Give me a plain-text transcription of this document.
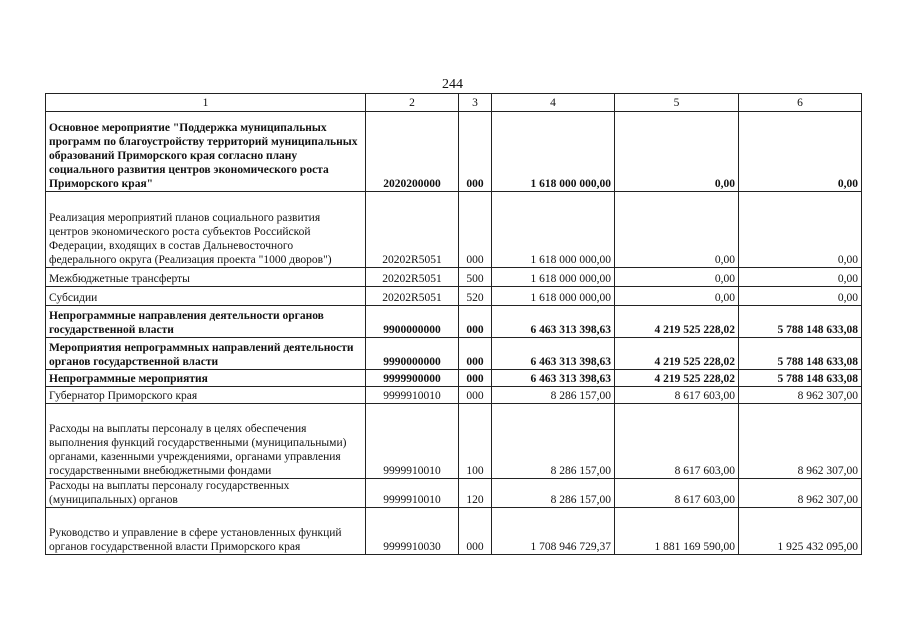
244
1	2	3	4	5	6
Основное мероприятие "Поддержка муниципальных программ по благоустройству территорий муниципальных образований Приморского края согласно плану социального развития центров экономического роста Приморского края"	2020200000	000	1 618 000 000,00	0,00	0,00
Реализация мероприятий планов социального развития центров экономического роста субъектов Российской Федерации, входящих в состав Дальневосточного федерального округа (Реализация проекта "1000 дворов")	20202R5051	000	1 618 000 000,00	0,00	0,00
Межбюджетные трансферты	20202R5051	500	1 618 000 000,00	0,00	0,00
Субсидии	20202R5051	520	1 618 000 000,00	0,00	0,00
Непрограммные направления деятельности органов государственной власти	9900000000	000	6 463 313 398,63	4 219 525 228,02	5 788 148 633,08
Мероприятия непрограммных направлений деятельности органов государственной власти	9990000000	000	6 463 313 398,63	4 219 525 228,02	5 788 148 633,08
Непрограммные мероприятия	9999900000	000	6 463 313 398,63	4 219 525 228,02	5 788 148 633,08
Губернатор Приморского края	9999910010	000	8 286 157,00	8 617 603,00	8 962 307,00
Расходы на выплаты персоналу в целях обеспечения выполнения функций государственными (муниципальными) органами, казенными учреждениями, органами управления государственными внебюджетными фондами	9999910010	100	8 286 157,00	8 617 603,00	8 962 307,00
Расходы на выплаты персоналу государственных (муниципальных) органов	9999910010	120	8 286 157,00	8 617 603,00	8 962 307,00
Руководство и управление в сфере установленных функций органов государственной власти Приморского края	9999910030	000	1 708 946 729,37	1 881 169 590,00	1 925 432 095,00
